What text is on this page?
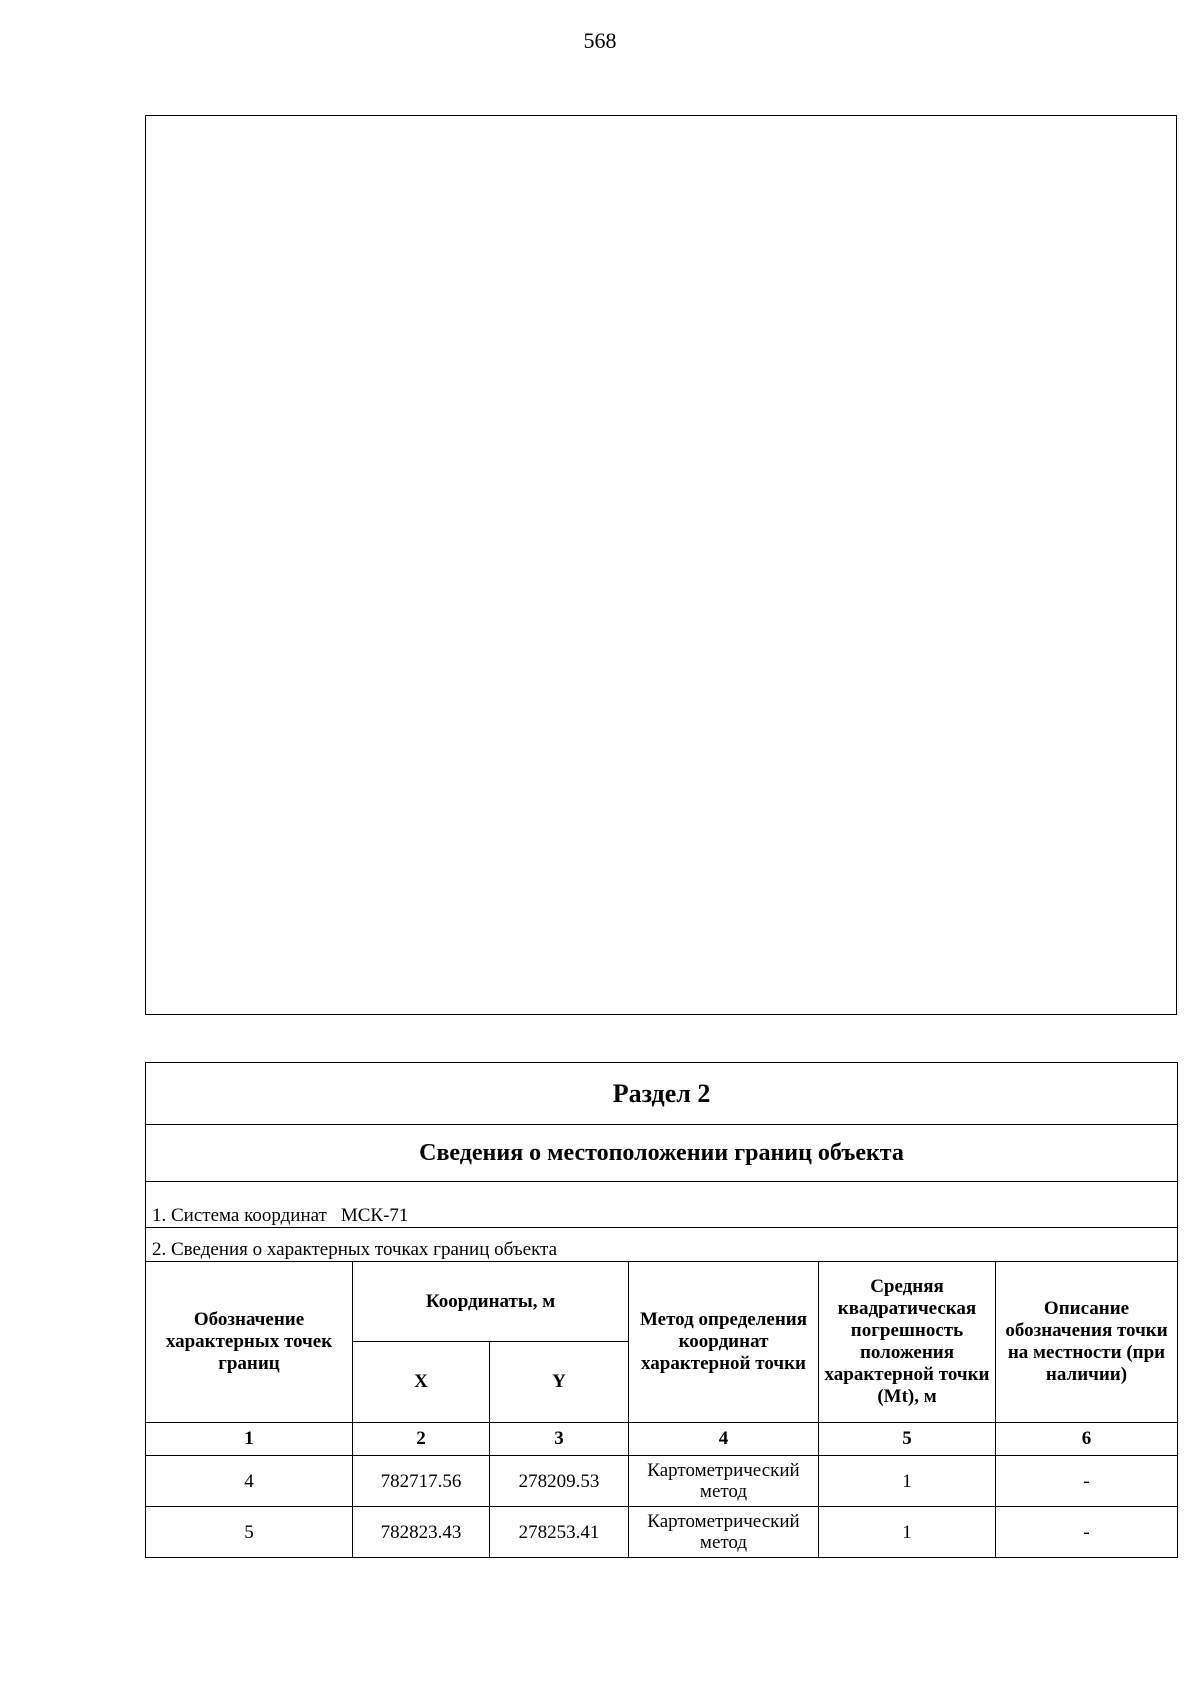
568
Раздел 2					
Сведения о местоположении границ объекта					
1. Система координат МСК-71					
2. Сведения о характерных точках границ объекта					
Обозначение характерных точек границ	Координаты, м		Метод определения координат характерной точки	Средняя квадратическая погрешность положения характерной точки (Mt), м	Описание обозначения точки на местности (при наличии)
	X	Y			
1	2	3	4	5	6
4	782717.56	278209.53	Картометрический метод	1	-
5	782823.43	278253.41	Картометрический метод	1	-
